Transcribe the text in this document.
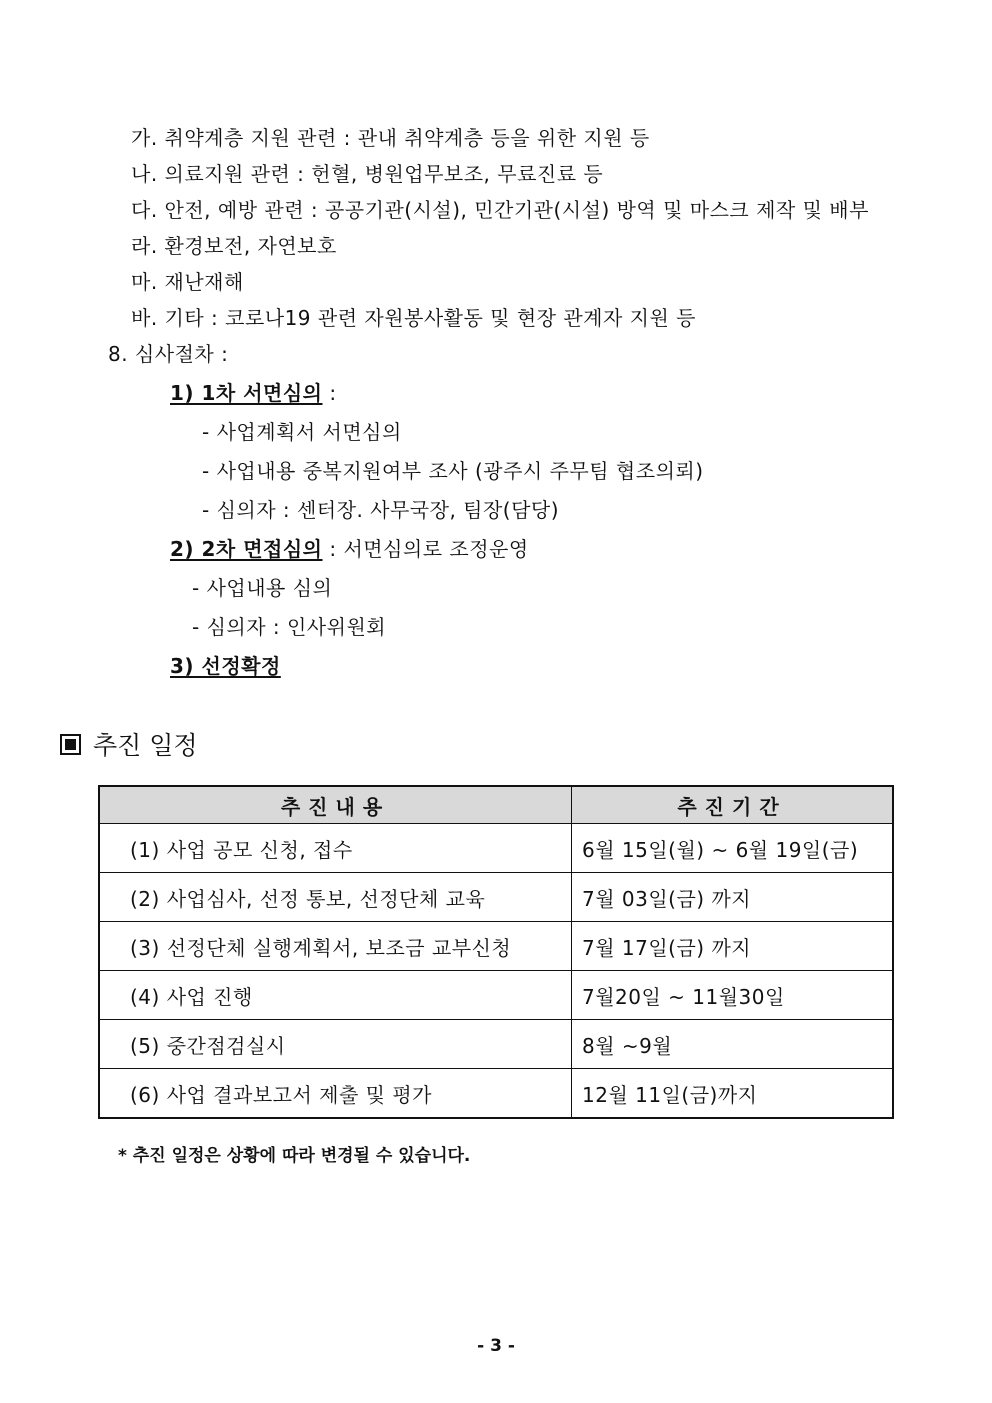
가. 취약계층 지원 관련 : 관내 취약계층 등을 위한 지원 등
나. 의료지원 관련 : 헌혈, 병원업무보조, 무료진료 등
다. 안전, 예방 관련 : 공공기관(시설), 민간기관(시설) 방역 및 마스크 제작 및 배부
라. 환경보전, 자연보호
마. 재난재해
바. 기타 : 코로나19 관련 자원봉사활동 및 현장 관계자 지원 등
8. 심사절차 :
1) 1차 서면심의 :
- 사업계획서 서면심의
- 사업내용 중복지원여부 조사 (광주시 주무팀 협조의뢰)
- 심의자 : 센터장. 사무국장, 팀장(담당)
2) 2차 면접심의 : 서면심의로 조정운영
- 사업내용 심의
- 심의자 : 인사위원회
3) 선정확정
추진 일정
추진내용	추진기간
(1) 사업 공모 신청, 접수	6월 15일(월) ~ 6월 19일(금)
(2) 사업심사, 선정 통보, 선정단체 교육	7월 03일(금) 까지
(3) 선정단체 실행계획서, 보조금 교부신청	7월 17일(금) 까지
(4) 사업 진행	7월20일 ~ 11월30일
(5) 중간점검실시	8월 ~9월
(6) 사업 결과보고서 제출 및 평가	12월 11일(금)까지
* 추진 일정은 상황에 따라 변경될 수 있습니다.
- 3 -
